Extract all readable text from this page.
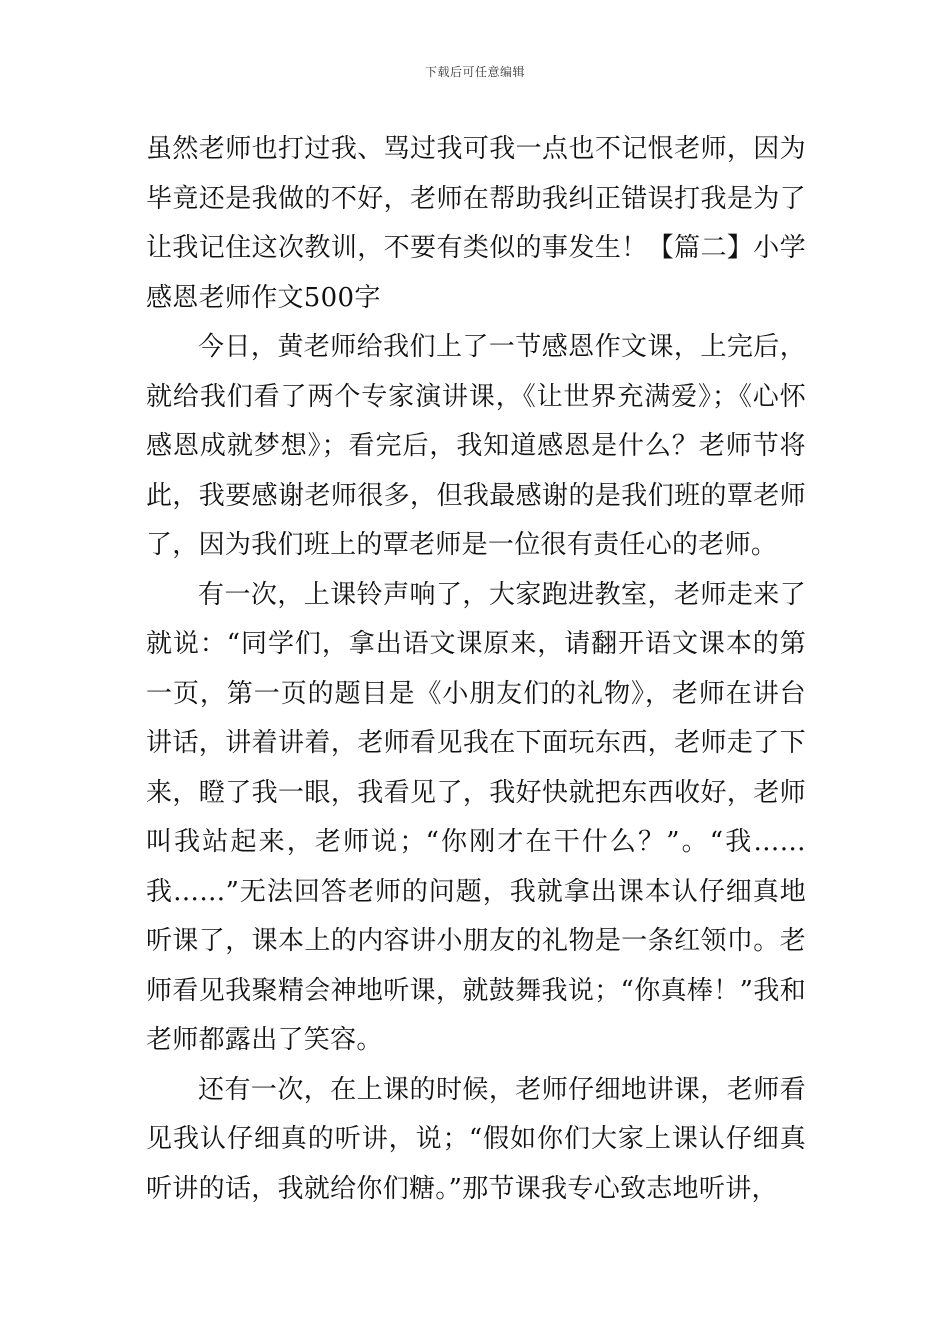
下载后可任意编辑

虽然老师也打过我、骂过我可我一点也不记恨老师，因为毕竟还是我做的不好，老师在帮助我纠正错误打我是为了让我记住这次教训，不要有类似的事发生！【篇二】小学感恩老师作文500字

今日，黄老师给我们上了一节感恩作文课，上完后，就给我们看了两个专家演讲课，《让世界充满爱》；《心怀感恩成就梦想》；看完后，我知道感恩是什么？老师节将此，我要感谢老师很多，但我最感谢的是我们班的覃老师了，因为我们班上的覃老师是一位很有责任心的老师。

有一次，上课铃声响了，大家跑进教室，老师走来了就说：“同学们，拿出语文课原来，请翻开语文课本的第一页，第一页的题目是《小朋友们的礼物》，老师在讲台讲话，讲着讲着，老师看见我在下面玩东西，老师走了下来，瞪了我一眼，我看见了，我好快就把东西收好，老师叫我站起来，老师说；“你刚才在干什么？”。“我……我……”无法回答老师的问题，我就拿出课本认仔细真地听课了，课本上的内容讲小朋友的礼物是一条红领巾。老师看见我聚精会神地听课，就鼓舞我说；“你真棒！”我和老师都露出了笑容。

还有一次，在上课的时候，老师仔细地讲课，老师看见我认仔细真的听讲，说；“假如你们大家上课认仔细真听讲的话，我就给你们糖。”那节课我专心致志地听讲，
